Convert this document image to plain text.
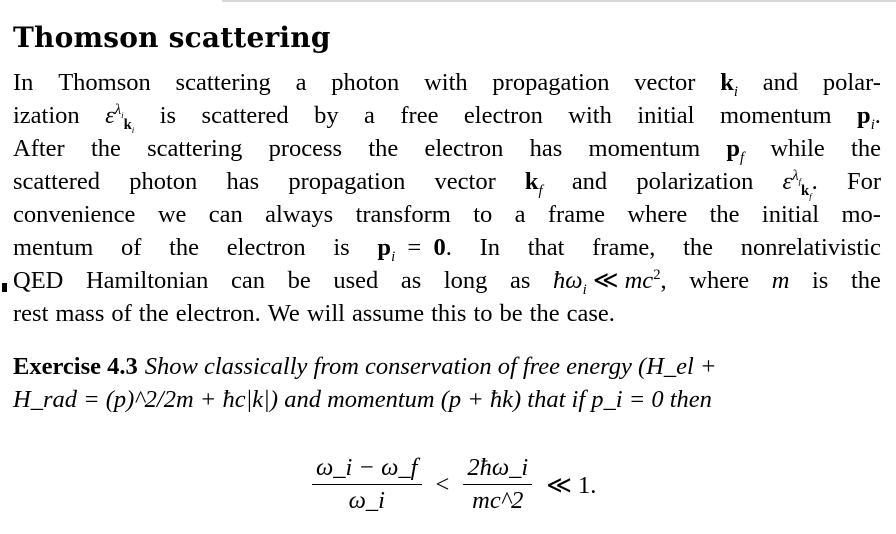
Thomson scattering
In Thomson scattering a photon with propagation vector $k_i$ and polar-
ization $\varepsilon^{\lambda_i}_{k_i}$
is scattered by a free electron with initial momentum $p_i$.
After the scattering process the electron has momentum $p_f$ while the
scattered photon has propagation vector $k_f$ and polarization $\varepsilon^{\lambda_f}_{k_f}$. For
convenience we can always transform to a frame where the initial mo-
mentum of the electron is $p_i = 0$. In that frame, the nonrelativistic
QED Hamiltonian can be used as long as $ħ\omega_i$ ≪ $mc^2$, where m is the
rest mass of the electron. We will assume this to be the case.
Exercise 4.3 Show classically from conservation of free energy (H_el +
H_rad = (p)^2/2m + ħc|k|) and momentum (p + ħk) that if p_i = 0 then
$\frac{\omega\_i - \omega\_f}{\omega\_i} < \frac{2ħ\omega\_i}{mc\^{}2}$ ≪ 1.
